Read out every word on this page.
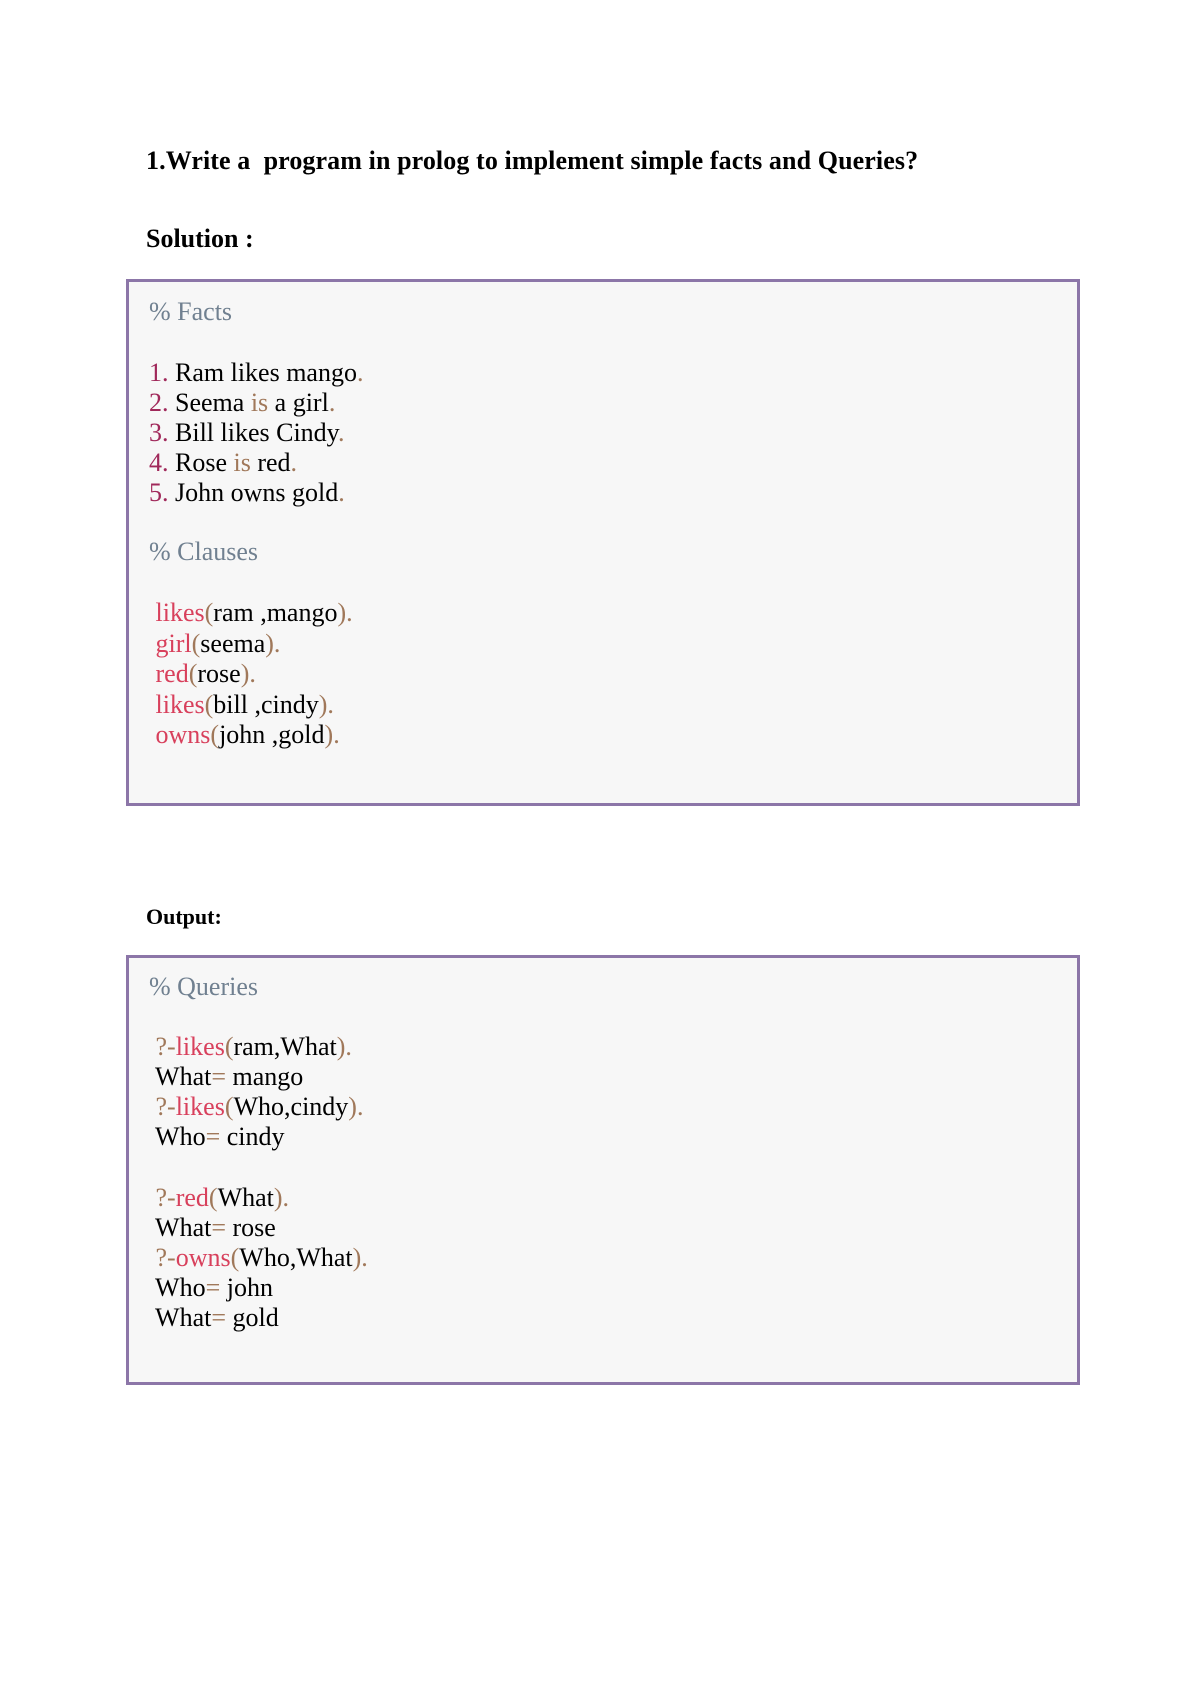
1.Write a  program in prolog to implement simple facts and Queries?
Solution :
% Facts
1. Ram likes mango.
2. Seema is a girl.
3. Bill likes Cindy.
4. Rose is red.
5. John owns gold.
% Clauses
likes(ram ,mango).
girl(seema).
red(rose).
likes(bill ,cindy).
owns(john ,gold).
Output:
% Queries
?-likes(ram,What).
What= mango
?-likes(Who,cindy).
Who= cindy
?-red(What).
What= rose
?-owns(Who,What).
Who= john
What= gold
